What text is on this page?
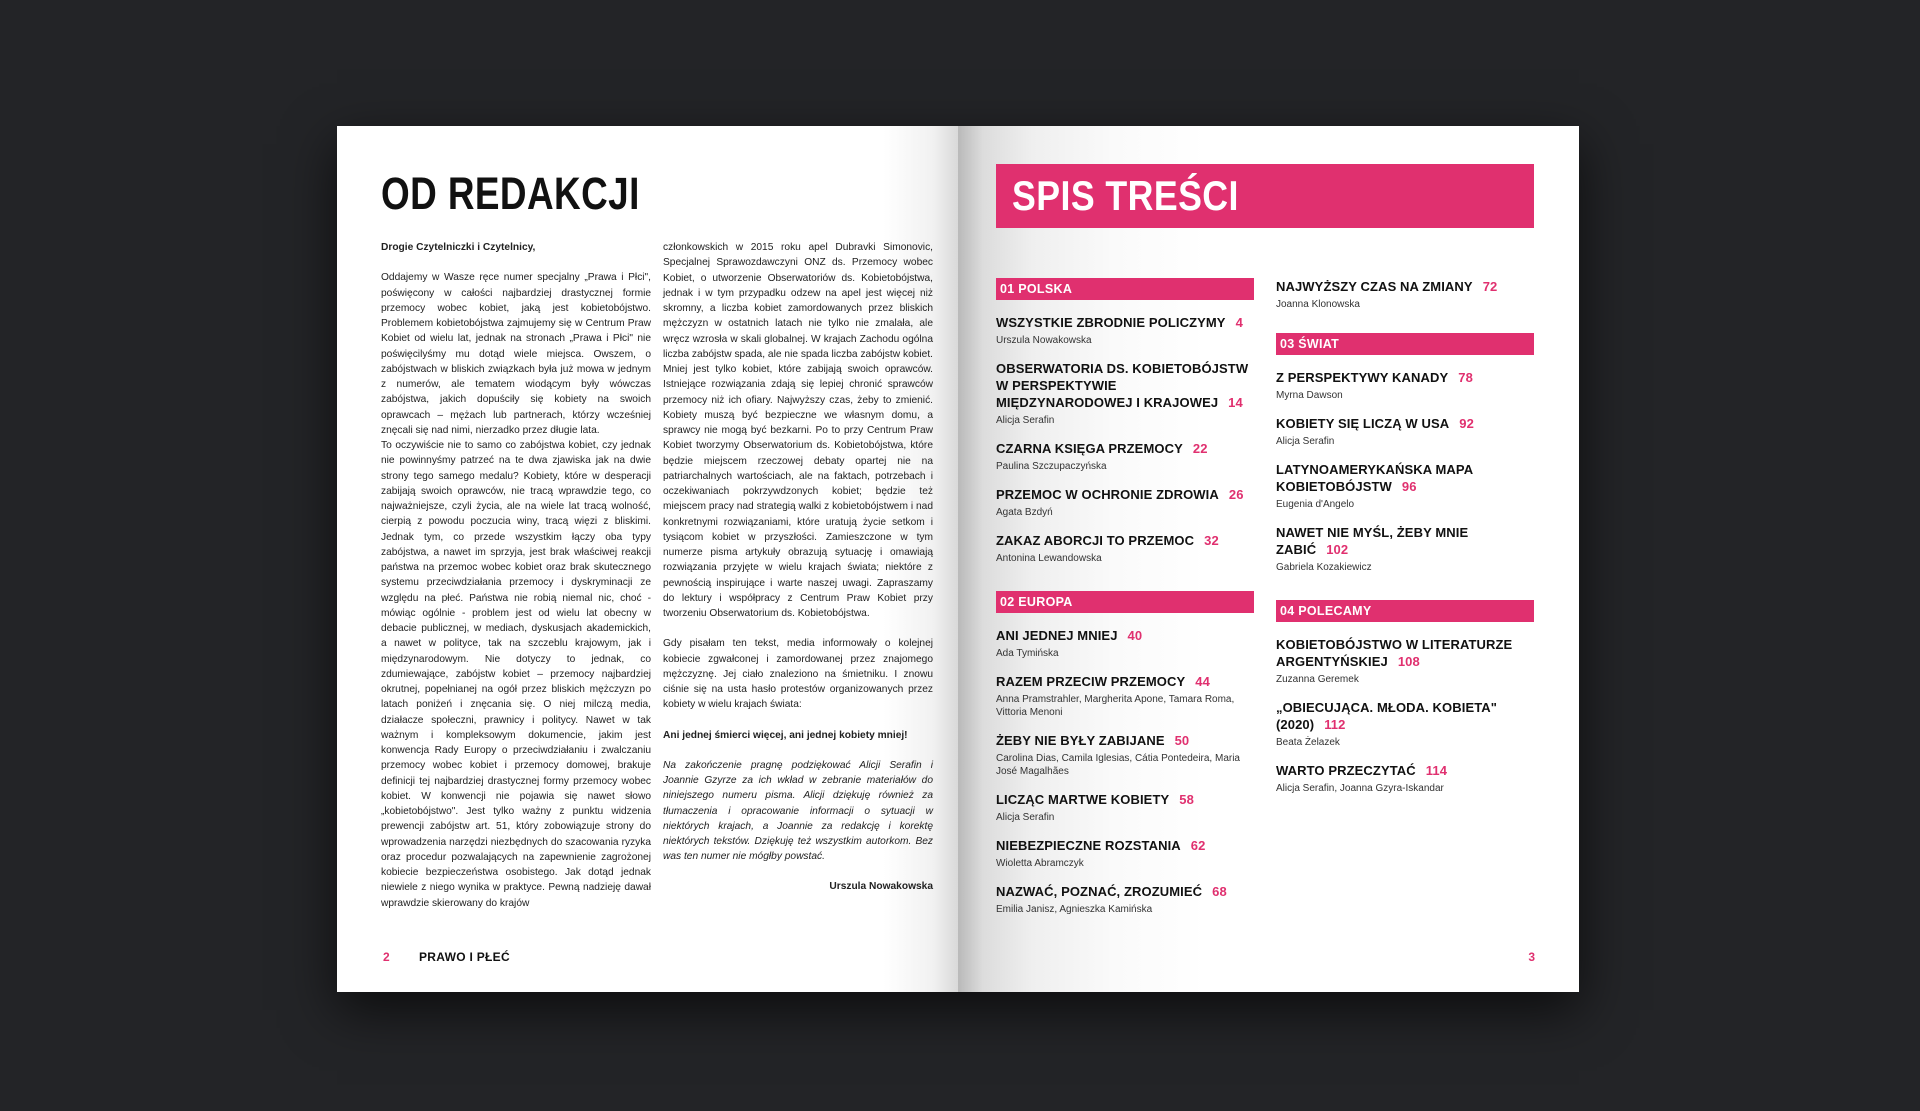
OD REDAKCJI

Drogie Czytelniczki i Czytelnicy,

Oddajemy w Wasze ręce numer specjalny „Prawa i Płci", poświęcony w całości najbardziej drastycznej formie przemocy wobec kobiet, jaką jest kobietobójstwo. Problemem kobietobójstwa zajmujemy się w Centrum Praw Kobiet od wielu lat, jednak na stronach „Prawa i Płci" nie poświęcilyśmy mu dotąd wiele miejsca. Owszem, o zabójstwach w bliskich związkach była już mowa w jednym z numerów, ale tematem wiodącym były wówczas zabójstwa, jakich dopuściły się kobiety na swoich oprawcach – mężach lub partnerach, którzy wcześniej znęcali się nad nimi, nierzadko przez długie lata.

To oczywiście nie to samo co zabójstwa kobiet, czy jednak nie powinnyśmy patrzeć na te dwa zjawiska jak na dwie strony tego samego medalu? Kobiety, które w desperacji zabijają swoich oprawców, nie tracą wprawdzie tego, co najważniejsze, czyli życia, ale na wiele lat tracą wolność, cierpią z powodu poczucia winy, tracą więzi z bliskimi. Jednak tym, co przede wszystkim łączy oba typy zabójstwa, a nawet im sprzyja, jest brak właściwej reakcji państwa na przemoc wobec kobiet oraz brak skutecznego systemu przeciwdziałania przemocy i dyskryminacji ze względu na płeć. Państwa nie robią niemal nic, choć - mówiąc ogólnie - problem jest od wielu lat obecny w debacie publicznej, w mediach, dyskusjach akademickich, a nawet w polityce, tak na szczeblu krajowym, jak i międzynarodowym. Nie dotyczy to jednak, co zdumiewające, zabójstw kobiet – przemocy najbardziej okrutnej, popełnianej na ogół przez bliskich mężczyzn po latach poniżeń i znęcania się. O niej milczą media, działacze społeczni, prawnicy i politycy. Nawet w tak ważnym i kompleksowym dokumencie, jakim jest konwencja Rady Europy o przeciwdziałaniu i zwalczaniu przemocy wobec kobiet i przemocy domowej, brakuje definicji tej najbardziej drastycznej formy przemocy wobec kobiet. W konwencji nie pojawia się nawet słowo „kobietobójstwo". Jest tylko ważny z punktu widzenia prewencji zabójstw art. 51, który zobowiązuje strony do wprowadzenia narzędzi niezbędnych do szacowania ryzyka oraz procedur pozwalających na zapewnienie zagrożonej kobiecie bezpieczeństwa osobistego. Jak dotąd jednak niewiele z niego wynika w praktyce. Pewną nadzieję dawał wprawdzie skierowany do krajów

członkowskich w 2015 roku apel Dubravki Simonovic, Specjalnej Sprawozdawczyni ONZ ds. Przemocy wobec Kobiet, o utworzenie Obserwatoriów ds. Kobietobójstwa, jednak i w tym przypadku odzew na apel jest więcej niż skromny, a liczba kobiet zamordowanych przez bliskich mężczyzn w ostatnich latach nie tylko nie zmalała, ale wręcz wzrosła w skali globalnej. W krajach Zachodu ogólna liczba zabójstw spada, ale nie spada liczba zabójstw kobiet. Mniej jest tylko kobiet, które zabijają swoich oprawców. Istniejące rozwiązania zdają się lepiej chronić sprawców przemocy niż ich ofiary. Najwyższy czas, żeby to zmienić. Kobiety muszą być bezpieczne we własnym domu, a sprawcy nie mogą być bezkarni. Po to przy Centrum Praw Kobiet tworzymy Obserwatorium ds. Kobietobójstwa, które będzie miejscem rzeczowej debaty opartej nie na patriarchalnych wartościach, ale na faktach, potrzebach i oczekiwaniach pokrzywdzonych kobiet; będzie też miejscem pracy nad strategią walki z kobietobójstwem i nad konkretnymi rozwiązaniami, które uratują życie setkom i tysiącom kobiet w przyszłości. Zamieszczone w tym numerze pisma artykuły obrazują sytuację i omawiają rozwiązania przyjęte w wielu krajach świata; niektóre z pewnością inspirujące i warte naszej uwagi. Zapraszamy do lektury i współpracy z Centrum Praw Kobiet przy tworzeniu Obserwatorium ds. Kobietobójstwa.

Gdy pisałam ten tekst, media informowały o kolejnej kobiecie zgwałconej i zamordowanej przez znajomego mężczyznę. Jej ciało znaleziono na śmietniku. I znowu ciśnie się na usta hasło protestów organizowanych przez kobiety w wielu krajach świata:

Ani jednej śmierci więcej, ani jednej kobiety mniej!

Na zakończenie pragnę podziękować Alicji Serafin i Joannie Gzyrze za ich wkład w zebranie materiałów do niniejszego numeru pisma. Alicji dziękuję również za tłumaczenia i opracowanie informacji o sytuacji w niektórych krajach, a Joannie za redakcję i korektę niektórych tekstów. Dziękuję też wszystkim autorkom. Bez was ten numer nie mógłby powstać.

Urszula Nowakowska

2 PRAWO I PŁEĆ
SPIS TREŚCI
01 POLSKA
WSZYSTKIE ZBRODNIE POLICZYMY 4
Urszula Nowakowska
OBSERWATORIA DS. KOBIETOBÓJSTW W PERSPEKTYWIE MIĘDZYNARODOWEJ I KRAJOWEJ 14
Alicja Serafin
CZARNA KSIĘGA PRZEMOCY 22
Paulina Szczupaczyńska
PRZEMOC W OCHRONIE ZDROWIA 26
Agata Bzdyń
ZAKAZ ABORCJI TO PRZEMOC 32
Antonina Lewandowska
02 EUROPA
ANI JEDNEJ MNIEJ 40
Ada Tymińska
RAZEM PRZECIW PRZEMOCY 44
Anna Pramstrahler, Margherita Apone, Tamara Roma, Vittoria Menoni
ŻEBY NIE BYŁY ZABIJANE 50
Carolina Dias, Camila Iglesias, Cátia Pontedeira, Maria José Magalhães
LICZĄC MARTWE KOBIETY 58
Alicja Serafin
NIEBEZPIECZNE ROZSTANIA 62
Wioletta Abramczyk
NAZWAĆ, POZNAĆ, ZROZUMIEĆ 68
Emilia Janisz, Agnieszka Kamińska
NAJWYŻSZY CZAS NA ZMIANY 72
Joanna Klonowska
03 ŚWIAT
Z PERSPEKTYWY KANADY 78
Myrna Dawson
KOBIETY SIĘ LICZĄ W USA 92
Alicja Serafin
LATYNOAMERYKAŃSKA MAPA KOBIETOBÓJSTW 96
Eugenia d'Angelo
NAWET NIE MYŚL, ŻEBY MNIE ZABIĆ 102
Gabriela Kozakiewicz
04 POLECAMY
KOBIETOBÓJSTWO W LITERATURZE ARGENTYŃSKIEJ 108
Zuzanna Geremek
„OBIECUJĄCA. MŁODA. KOBIETA" (2020) 112
Beata Żelazek
WARTO PRZECZYTAĆ 114
Alicja Serafin, Joanna Gzyra-Iskandar
3
